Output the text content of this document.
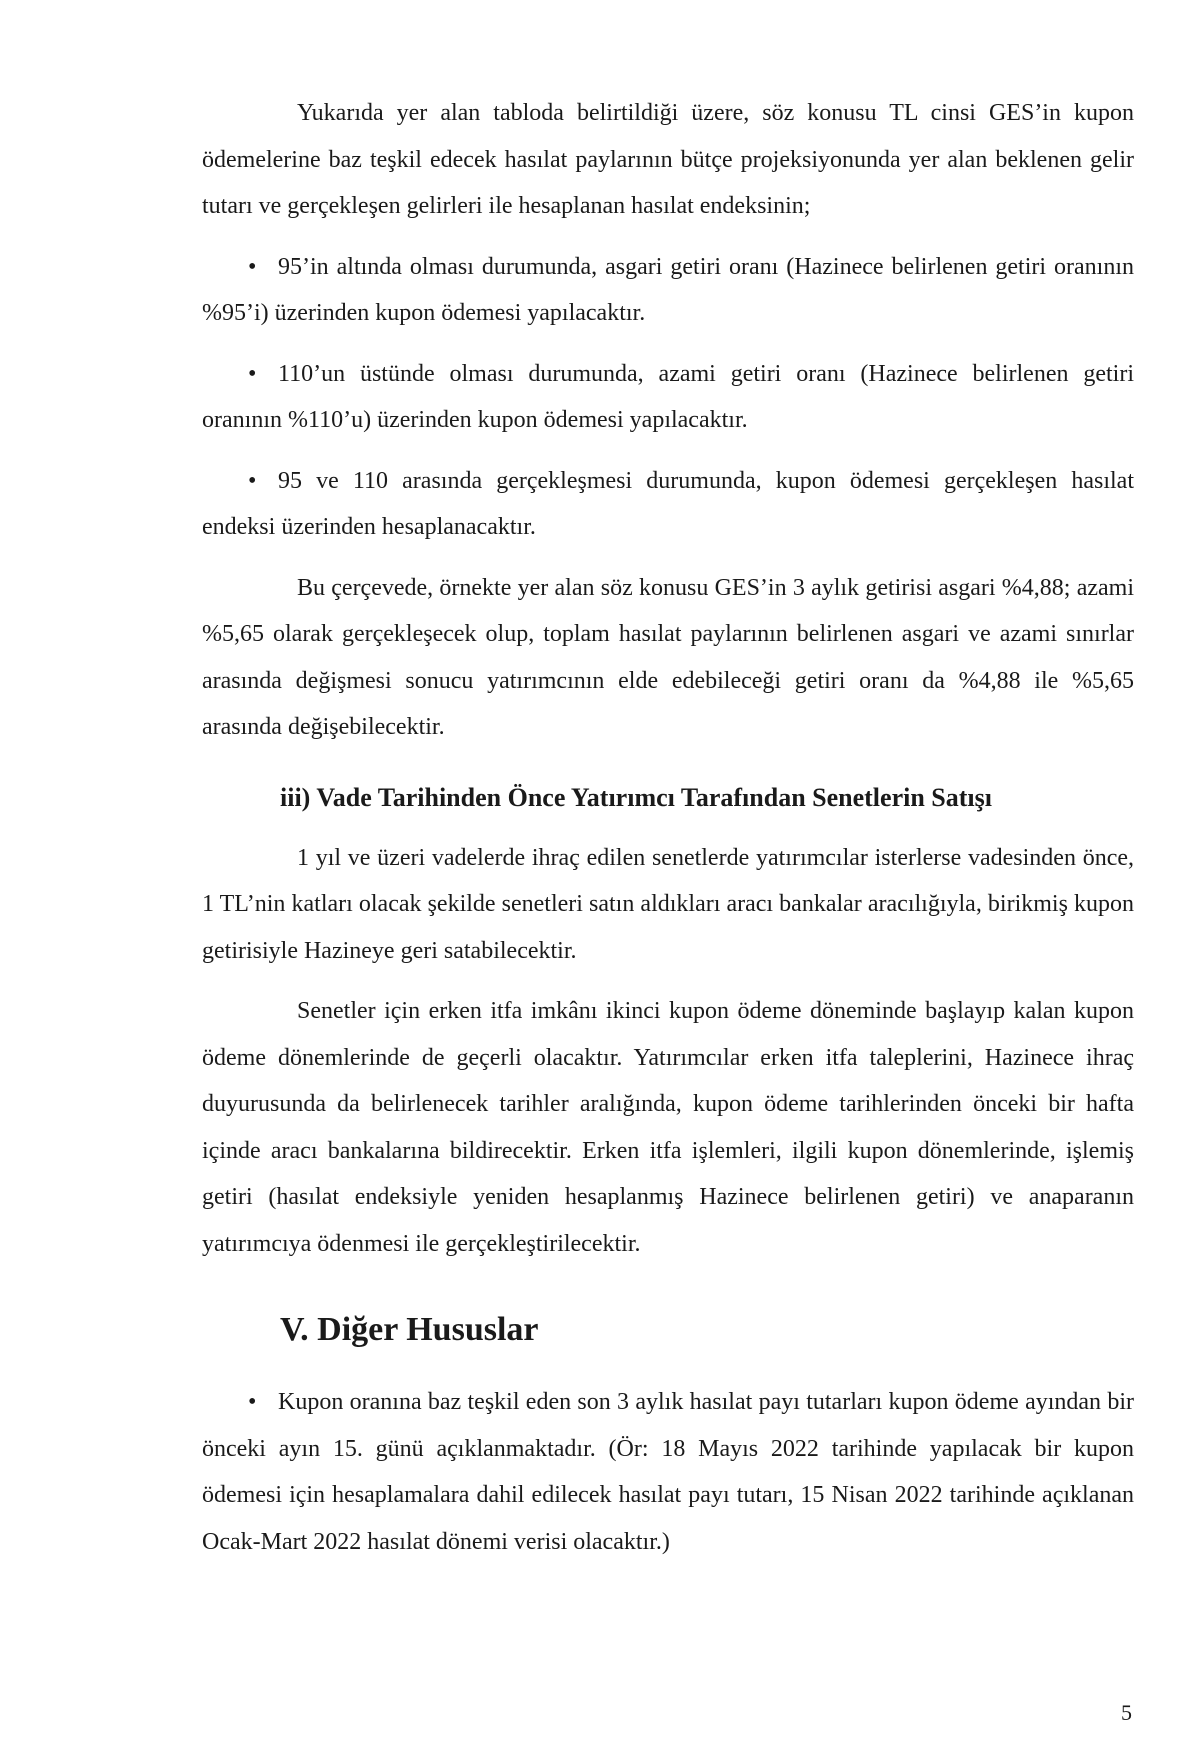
Yukarıda yer alan tabloda belirtildiği üzere, söz konusu TL cinsi GES’in kupon ödemelerine baz teşkil edecek hasılat paylarının bütçe projeksiyonunda yer alan beklenen gelir tutarı ve gerçekleşen gelirleri ile hesaplanan hasılat endeksinin;

• 95’in altında olması durumunda, asgari getiri oranı (Hazinece belirlenen getiri oranının %95’i) üzerinden kupon ödemesi yapılacaktır.

• 110’un üstünde olması durumunda, azami getiri oranı (Hazinece belirlenen getiri oranının %110’u) üzerinden kupon ödemesi yapılacaktır.

• 95 ve 110 arasında gerçekleşmesi durumunda, kupon ödemesi gerçekleşen hasılat endeksi üzerinden hesaplanacaktır.

Bu çerçevede, örnekte yer alan söz konusu GES’in 3 aylık getirisi asgari %4,88; azami %5,65 olarak gerçekleşecek olup, toplam hasılat paylarının belirlenen asgari ve azami sınırlar arasında değişmesi sonucu yatırımcının elde edebileceği getiri oranı da %4,88 ile %5,65 arasında değişebilecektir.

iii) Vade Tarihinden Önce Yatırımcı Tarafından Senetlerin Satışı

1 yıl ve üzeri vadelerde ihraç edilen senetlerde yatırımcılar isterlerse vadesinden önce, 1 TL’nin katları olacak şekilde senetleri satın aldıkları aracı bankalar aracılığıyla, birikmiş kupon getirisiyle Hazineye geri satabilecektir.

Senetler için erken itfa imkânı ikinci kupon ödeme döneminde başlayıp kalan kupon ödeme dönemlerinde de geçerli olacaktır. Yatırımcılar erken itfa taleplerini, Hazinece ihraç duyurusunda da belirlenecek tarihler aralığında, kupon ödeme tarihlerinden önceki bir hafta içinde aracı bankalarına bildirecektir. Erken itfa işlemleri, ilgili kupon dönemlerinde, işlemiş getiri (hasılat endeksiyle yeniden hesaplanmış Hazinece belirlenen getiri) ve anaparanın yatırımcıya ödenmesi ile gerçekleştirilecektir.

V. Diğer Hususlar

• Kupon oranına baz teşkil eden son 3 aylık hasılat payı tutarları kupon ödeme ayından bir önceki ayın 15. günü açıklanmaktadır. (Ör: 18 Mayıs 2022 tarihinde yapılacak bir kupon ödemesi için hesaplamalara dahil edilecek hasılat payı tutarı, 15 Nisan 2022 tarihinde açıklanan Ocak-Mart 2022 hasılat dönemi verisi olacaktır.)

5
